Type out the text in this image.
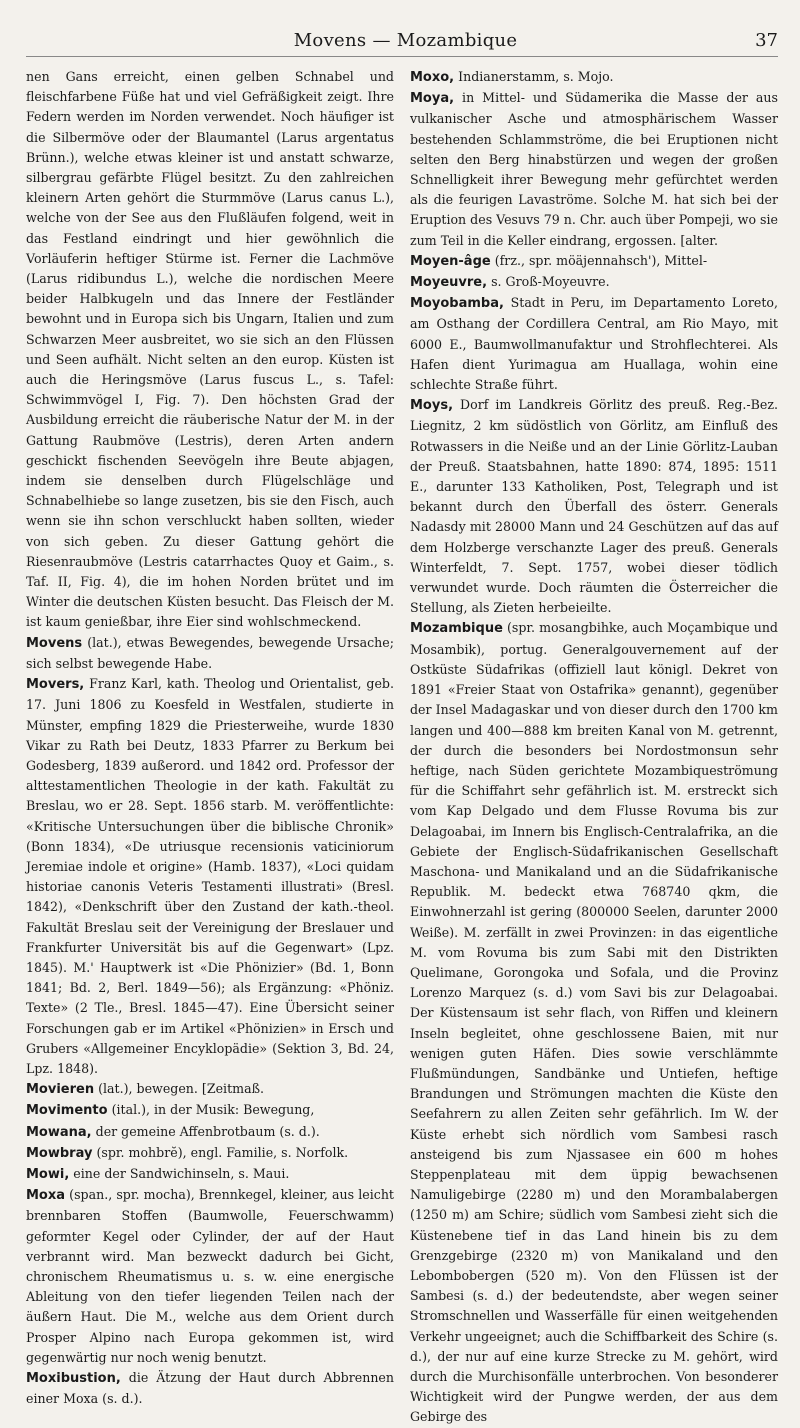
Movens — Mozambique	37

nen Gans erreicht, einen gelben Schnabel und fleischfarbene Füße hat und viel Gefräßigkeit zeigt. Ihre Federn werden im Norden verwendet. Noch häufiger ist die Silbermöve oder der Blaumantel (Larus argentatus Brünn.), welche etwas kleiner ist und anstatt schwarze, silbergrau gefärbte Flügel besitzt. Zu den zahlreichen kleinern Arten gehört die Sturmmöve (Larus canus L.), welche von der See aus den Flußläufen folgend, weit in das Festland eindringt und hier gewöhnlich die Vorläuferin heftiger Stürme ist. Ferner die Lachmöve (Larus ridibundus L.), welche die nordischen Meere beider Halbkugeln und das Innere der Festländer bewohnt und in Europa sich bis Ungarn, Italien und zum Schwarzen Meer ausbreitet, wo sie sich an den Flüssen und Seen aufhält. Nicht selten an den europ. Küsten ist auch die Heringsmöve (Larus fuscus L., s. Tafel: Schwimmvögel I, Fig. 7). Den höchsten Grad der Ausbildung erreicht die räuberische Natur der M. in der Gattung Raubmöve (Lestris), deren Arten andern geschickt fischenden Seevögeln ihre Beute abjagen, indem sie denselben durch Flügelschläge und Schnabelhiebe so lange zusetzen, bis sie den Fisch, auch wenn sie ihn schon verschluckt haben sollten, wieder von sich geben. Zu dieser Gattung gehört die Riesenraubmöve (Lestris catarrhactes Quoy et Gaim., s. Taf. II, Fig. 4), die im hohen Norden brütet und im Winter die deutschen Küsten besucht. Das Fleisch der M. ist kaum genießbar, ihre Eier sind wohlschmeckend.

Movens (lat.), etwas Bewegendes, bewegende Ursache; sich selbst bewegende Habe.

Movers, Franz Karl, kath. Theolog und Orientalist, geb. 17. Juni 1806 zu Koesfeld in Westfalen, studierte in Münster, empfing 1829 die Priesterweihe, wurde 1830 Vikar zu Rath bei Deutz, 1833 Pfarrer zu Berkum bei Godesberg, 1839 außerord. und 1842 ord. Professor der alttestamentlichen Theologie in der kath. Fakultät zu Breslau, wo er 28. Sept. 1856 starb. M. veröffentlichte: «Kritische Untersuchungen über die biblische Chronik» (Bonn 1834), «De utriusque recensionis vaticiniorum Jeremiae indole et origine» (Hamb. 1837), «Loci quidam historiae canonis Veteris Testamenti illustrati» (Bresl. 1842), «Denkschrift über den Zustand der kath.-theol. Fakultät Breslau seit der Vereinigung der Breslauer und Frankfurter Universität bis auf die Gegenwart» (Lpz. 1845). M.' Hauptwerk ist «Die Phönizier» (Bd. 1, Bonn 1841; Bd. 2, Berl. 1849—56); als Ergänzung: «Phöniz. Texte» (2 Tle., Bresl. 1845—47). Eine Übersicht seiner Forschungen gab er im Artikel «Phönizien» in Ersch und Grubers «Allgemeiner Encyklopädie» (Sektion 3, Bd. 24, Lpz. 1848).

Movieren (lat.), bewegen. [Zeitmaß.

Movimento (ital.), in der Musik: Bewegung,

Mowana, der gemeine Affenbrotbaum (s. d.).

Mowbray (spr. mohbrĕ), engl. Familie, s. Norfolk.

Mowi, eine der Sandwichinseln, s. Maui.

Moxa (span., spr. mocha), Brennkegel, kleiner, aus leicht brennbaren Stoffen (Baumwolle, Feuerschwamm) geformter Kegel oder Cylinder, der auf der Haut verbrannt wird. Man bezweckt dadurch bei Gicht, chronischem Rheumatismus u. s. w. eine energische Ableitung von den tiefer liegenden Teilen nach der äußern Haut. Die M., welche aus dem Orient durch Prosper Alpino nach Europa gekommen ist, wird gegenwärtig nur noch wenig benutzt.

Moxibustion, die Ätzung der Haut durch Abbrennen einer Moxa (s. d.).

Moxo, Indianerstamm, s. Mojo.

Moya, in Mittel- und Südamerika die Masse der aus vulkanischer Asche und atmosphärischem Wasser bestehenden Schlammströme, die bei Eruptionen nicht selten den Berg hinabstürzen und wegen der großen Schnelligkeit ihrer Bewegung mehr gefürchtet werden als die feurigen Lavaströme. Solche M. hat sich bei der Eruption des Vesuvs 79 n. Chr. auch über Pompeji, wo sie zum Teil in die Keller eindrang, ergossen. [alter.

Moyen-âge (frz., spr. möäjennahsch'), Mittel-

Moyeuvre, s. Groß-Moyeuvre.

Moyobamba, Stadt in Peru, im Departamento Loreto, am Osthang der Cordillera Central, am Rio Mayo, mit 6000 E., Baumwollmanufaktur und Strohflechterei. Als Hafen dient Yurimagua am Huallaga, wohin eine schlechte Straße führt.

Moys, Dorf im Landkreis Görlitz des preuß. Reg.-Bez. Liegnitz, 2 km südöstlich von Görlitz, am Einfluß des Rotwassers in die Neiße und an der Linie Görlitz-Lauban der Preuß. Staatsbahnen, hatte 1890: 874, 1895: 1511 E., darunter 133 Katholiken, Post, Telegraph und ist bekannt durch den Überfall des österr. Generals Nadasdy mit 28000 Mann und 24 Geschützen auf das auf dem Holzberge verschanzte Lager des preuß. Generals Winterfeldt, 7. Sept. 1757, wobei dieser tödlich verwundet wurde. Doch räumten die Österreicher die Stellung, als Zieten herbeieilte.

Mozambique (spr. mosangbihke, auch Moçambique und Mosambik), portug. Generalgouvernement auf der Ostküste Südafrikas (offiziell laut königl. Dekret von 1891 «Freier Staat von Ostafrika» genannt), gegenüber der Insel Madagaskar und von dieser durch den 1700 km langen und 400—888 km breiten Kanal von M. getrennt, der durch die besonders bei Nordostmonsun sehr heftige, nach Süden gerichtete Mozambiqueströmung für die Schiffahrt sehr gefährlich ist. M. erstreckt sich vom Kap Delgado und dem Flusse Rovuma bis zur Delagoabai, im Innern bis Englisch-Centralafrika, an die Gebiete der Englisch-Südafrikanischen Gesellschaft Maschona- und Manikaland und an die Südafrikanische Republik. M. bedeckt etwa 768740 qkm, die Einwohnerzahl ist gering (800000 Seelen, darunter 2000 Weiße). M. zerfällt in zwei Provinzen: in das eigentliche M. vom Rovuma bis zum Sabi mit den Distrikten Quelimane, Gorongoka und Sofala, und die Provinz Lorenzo Marquez (s. d.) vom Savi bis zur Delagoabai. Der Küstensaum ist sehr flach, von Riffen und kleinern Inseln begleitet, ohne geschlossene Baien, mit nur wenigen guten Häfen. Dies sowie verschlämmte Flußmündungen, Sandbänke und Untiefen, heftige Brandungen und Strömungen machten die Küste den Seefahrern zu allen Zeiten sehr gefährlich. Im W. der Küste erhebt sich nördlich vom Sambesi rasch ansteigend bis zum Njassasee ein 600 m hohes Steppenplateau mit dem üppig bewachsenen Namuligebirge (2280 m) und den Morambalabergen (1250 m) am Schire; südlich vom Sambesi zieht sich die Küstenebene tief in das Land hinein bis zu dem Grenzgebirge (2320 m) von Manikaland und den Lebombobergen (520 m). Von den Flüssen ist der Sambesi (s. d.) der bedeutendste, aber wegen seiner Stromschnellen und Wasserfälle für einen weitgehenden Verkehr ungeeignet; auch die Schiffbarkeit des Schire (s. d.), der nur auf eine kurze Strecke zu M. gehört, wird durch die Murchisonfälle unterbrochen. Von besonderer Wichtigkeit wird der Pungwe werden, der aus dem Gebirge des
